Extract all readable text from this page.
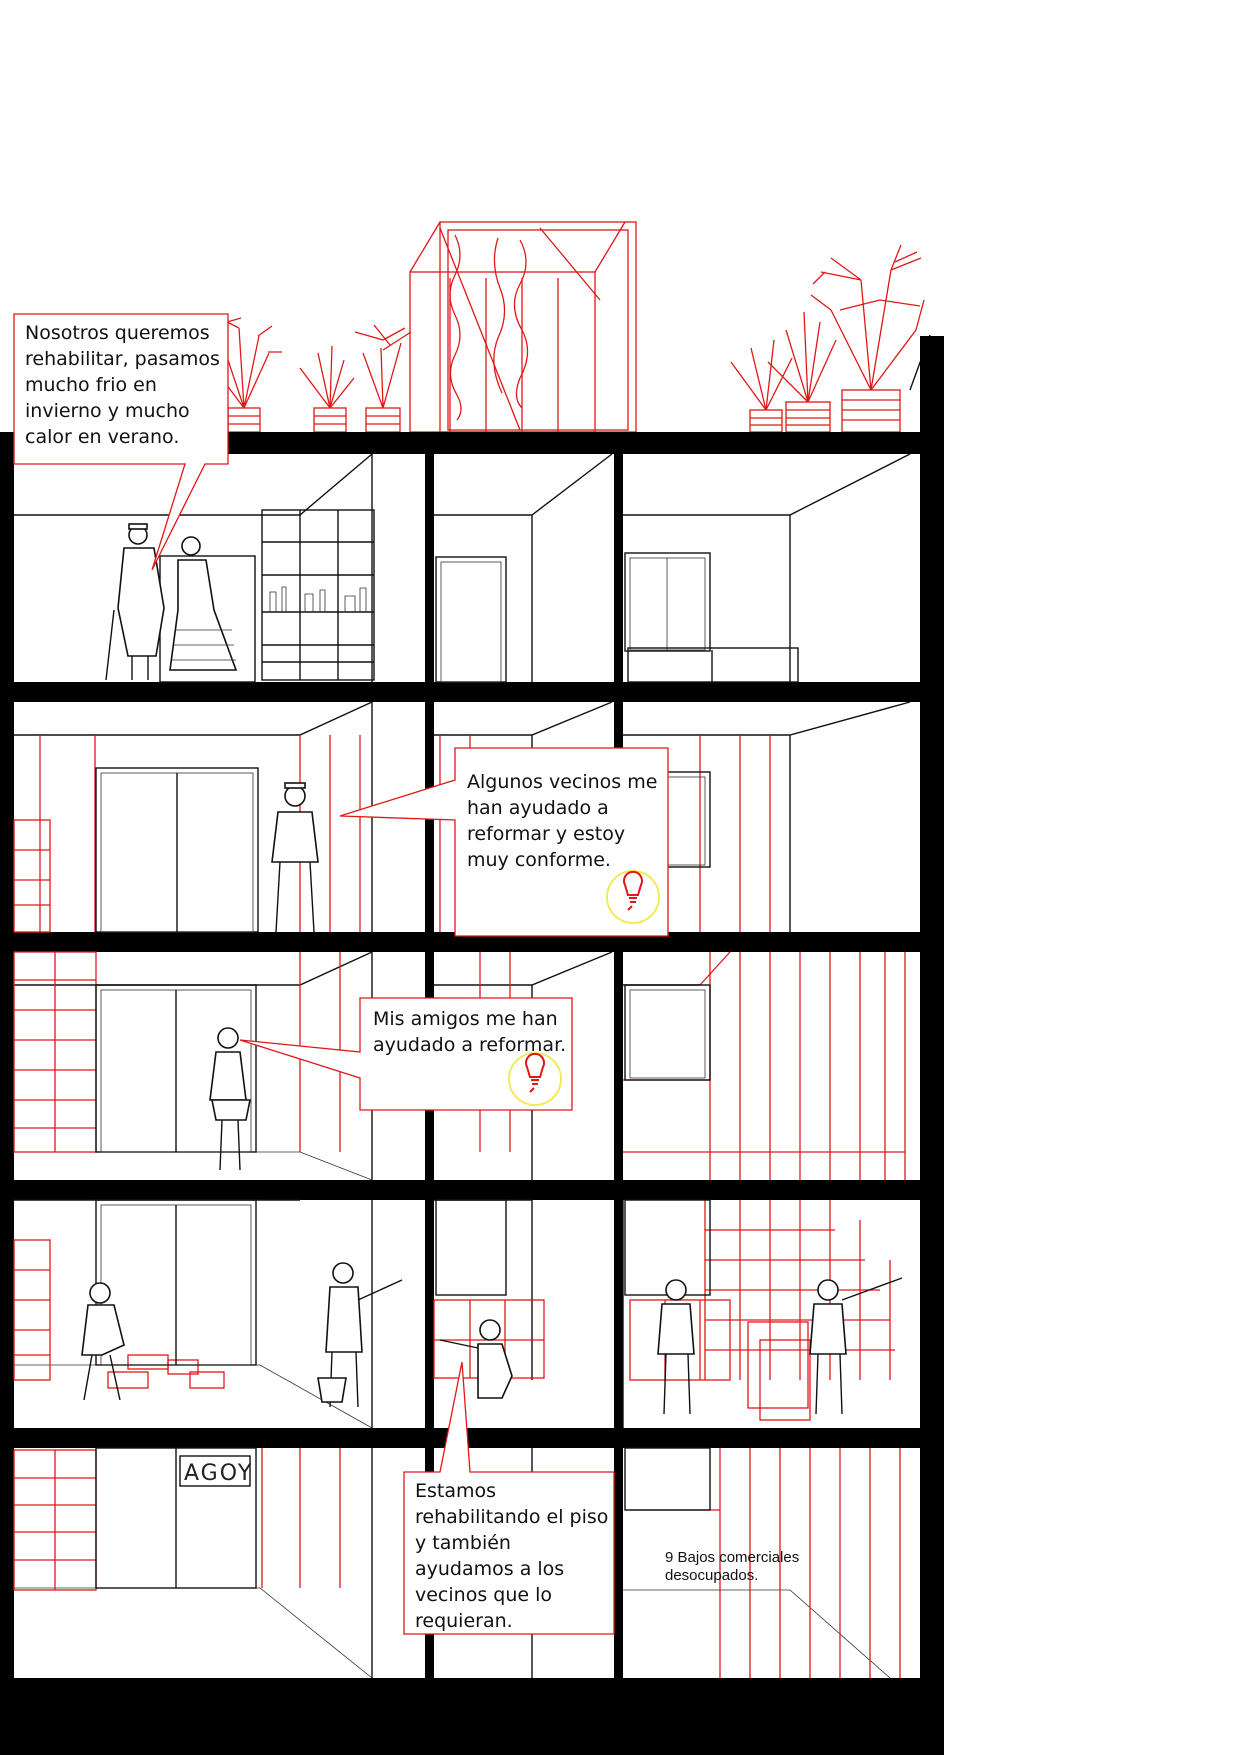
AGOY
Nosotros queremos rehabilitar, pasamos mucho frio en invierno y mucho calor en verano.
Algunos vecinos me han ayudado a reformar y estoy muy conforme.
Mis amigos me han ayudado a reformar.
Estamos rehabilitando el piso y también ayudamos a los vecinos que lo requieran.
9 Bajos comerciales desocupados.
